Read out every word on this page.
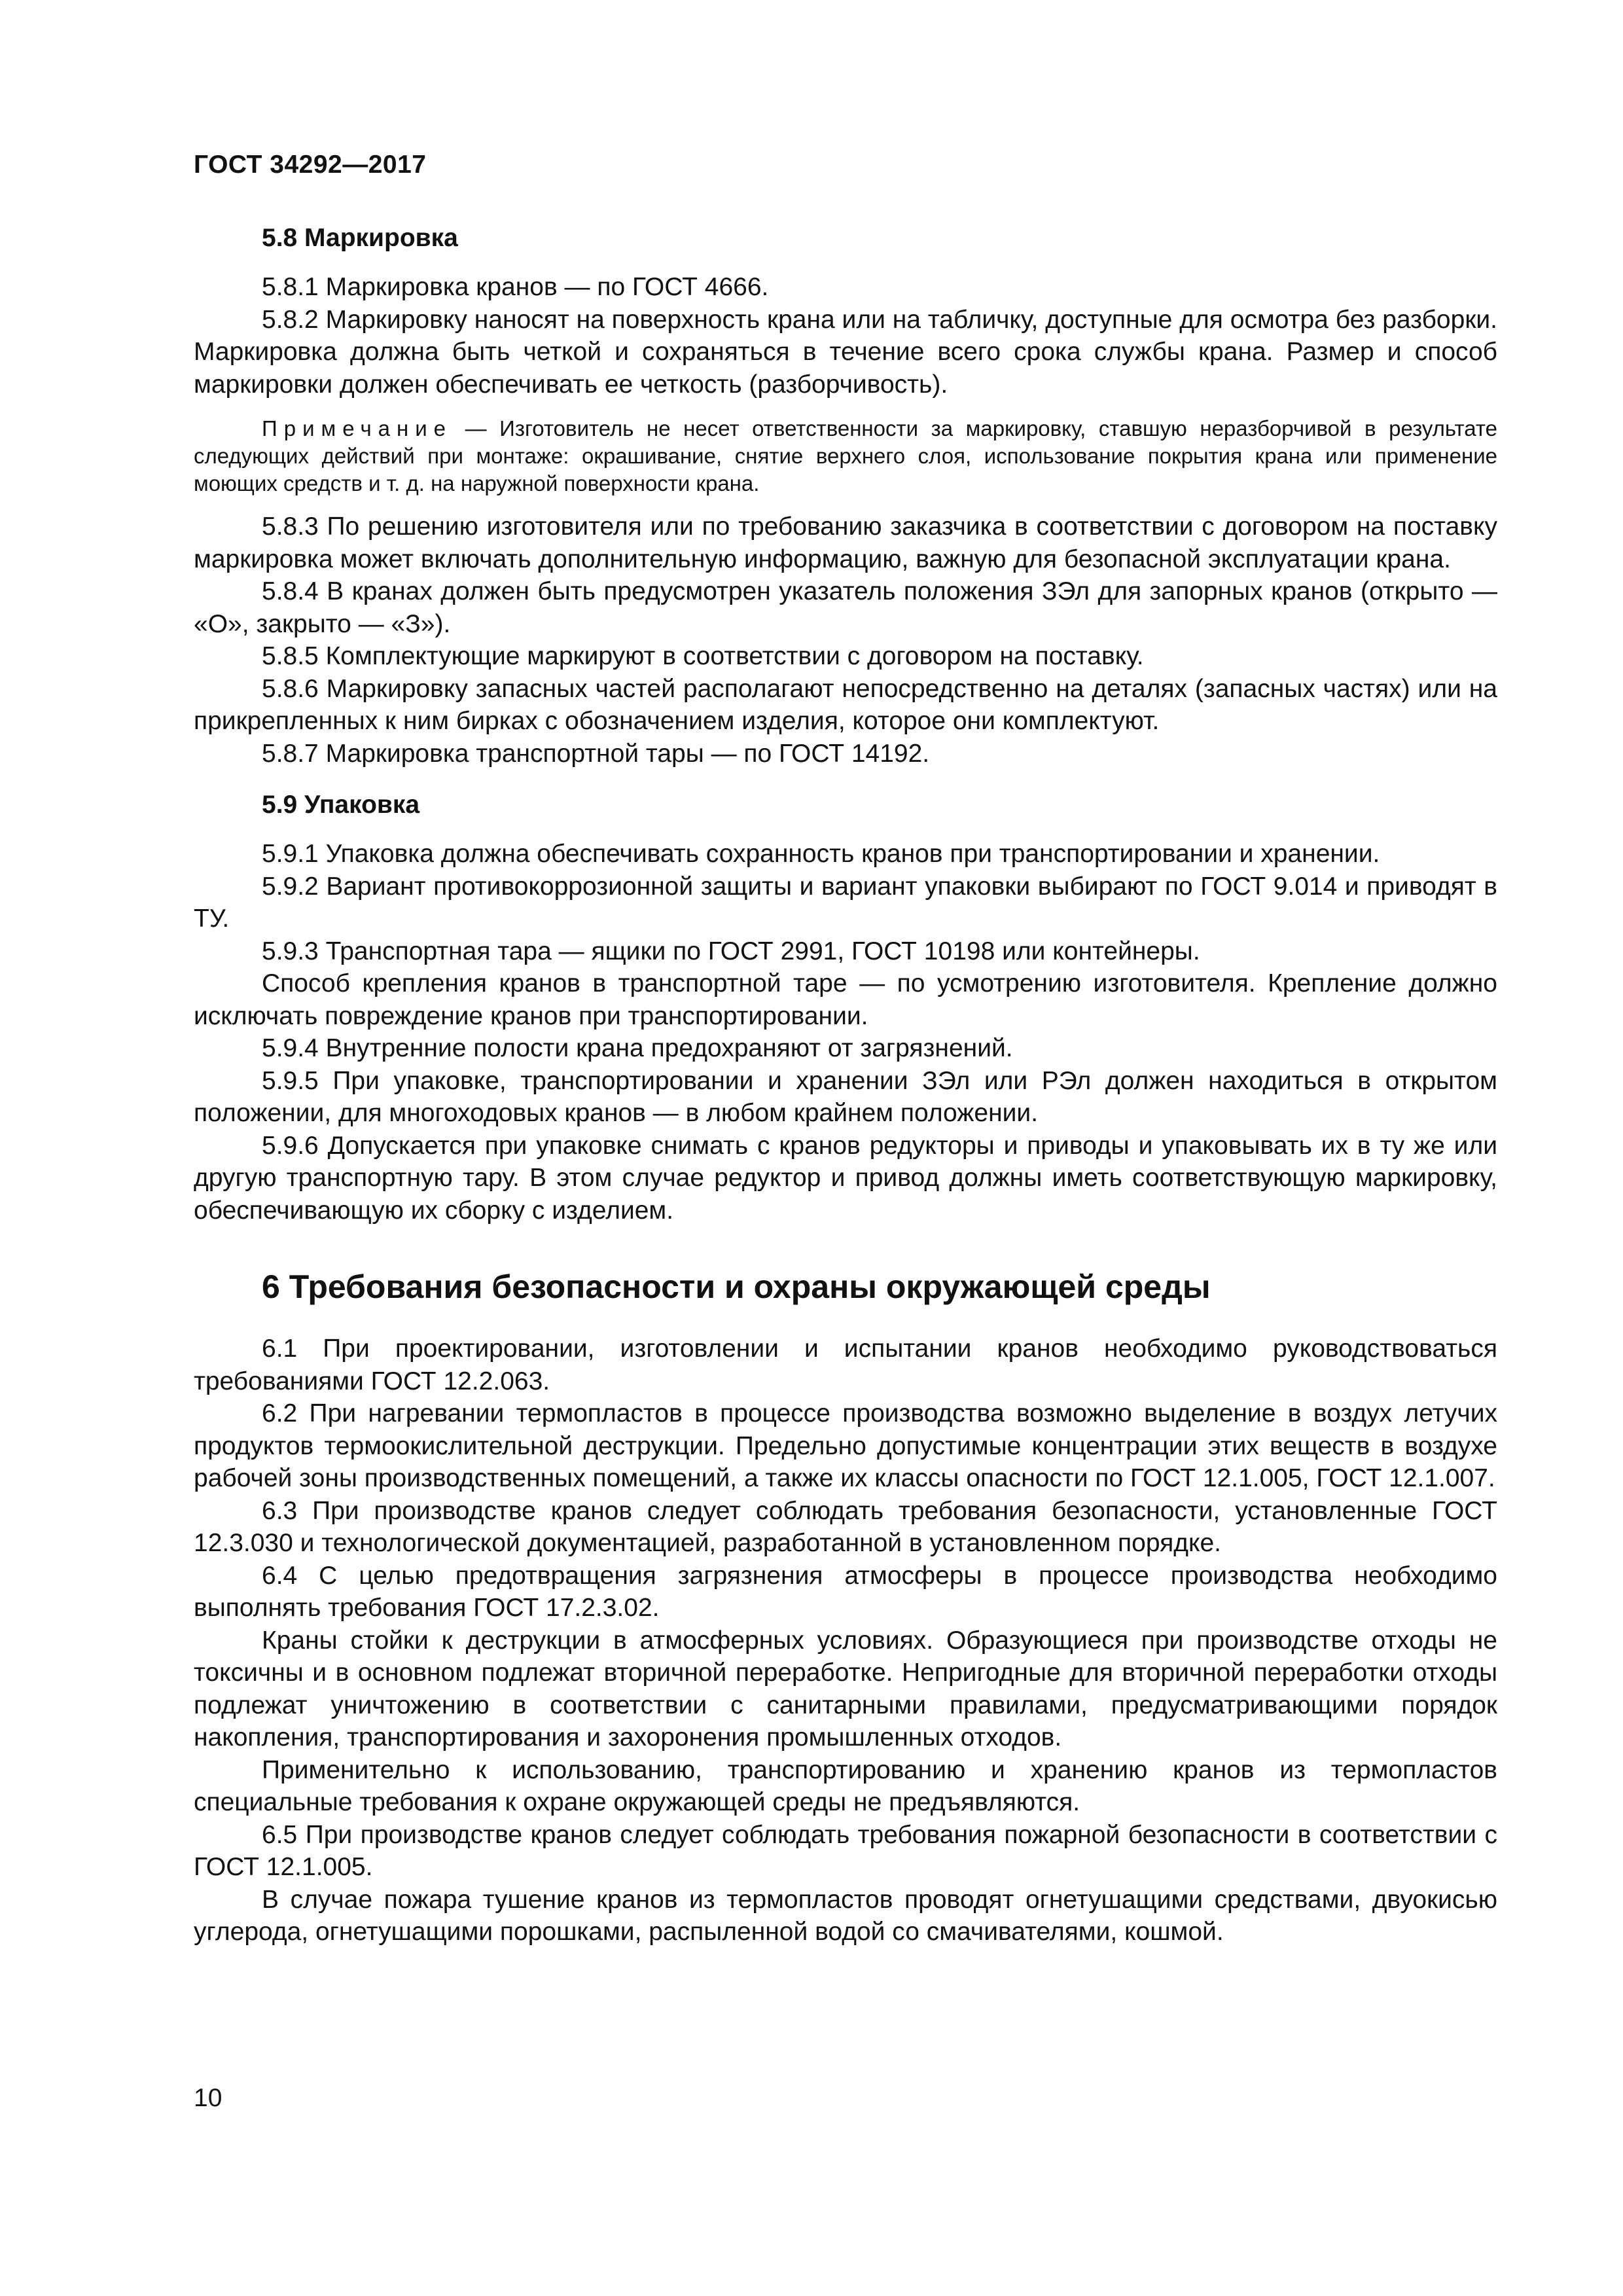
ГОСТ 34292—2017
5.8 Маркировка

5.8.1 Маркировка кранов — по ГОСТ 4666.

5.8.2 Маркировку наносят на поверхность крана или на табличку, доступные для осмотра без разборки. Маркировка должна быть четкой и сохраняться в течение всего срока службы крана. Размер и способ маркировки должен обеспечивать ее четкость (разборчивость).

Примечание — Изготовитель не несет ответственности за маркировку, ставшую неразборчивой в результате следующих действий при монтаже: окрашивание, снятие верхнего слоя, использование покрытия крана или применение моющих средств и т. д. на наружной поверхности крана.

5.8.3 По решению изготовителя или по требованию заказчика в соответствии с договором на поставку маркировка может включать дополнительную информацию, важную для безопасной эксплуатации крана.

5.8.4 В кранах должен быть предусмотрен указатель положения ЗЭл для запорных кранов (открыто — «О», закрыто — «З»).

5.8.5 Комплектующие маркируют в соответствии с договором на поставку.

5.8.6 Маркировку запасных частей располагают непосредственно на деталях (запасных частях) или на прикрепленных к ним бирках с обозначением изделия, которое они комплектуют.

5.8.7 Маркировка транспортной тары — по ГОСТ 14192.

5.9 Упаковка

5.9.1 Упаковка должна обеспечивать сохранность кранов при транспортировании и хранении.

5.9.2 Вариант противокоррозионной защиты и вариант упаковки выбирают по ГОСТ 9.014 и приводят в ТУ.

5.9.3 Транспортная тара — ящики по ГОСТ 2991, ГОСТ 10198 или контейнеры.

Способ крепления кранов в транспортной таре — по усмотрению изготовителя. Крепление должно исключать повреждение кранов при транспортировании.

5.9.4 Внутренние полости крана предохраняют от загрязнений.

5.9.5 При упаковке, транспортировании и хранении ЗЭл или РЭл должен находиться в открытом положении, для многоходовых кранов — в любом крайнем положении.

5.9.6 Допускается при упаковке снимать с кранов редукторы и приводы и упаковывать их в ту же или другую транспортную тару. В этом случае редуктор и привод должны иметь соответствующую маркировку, обеспечивающую их сборку с изделием.

6 Требования безопасности и охраны окружающей среды

6.1 При проектировании, изготовлении и испытании кранов необходимо руководствоваться требованиями ГОСТ 12.2.063.

6.2 При нагревании термопластов в процессе производства возможно выделение в воздух летучих продуктов термоокислительной деструкции. Предельно допустимые концентрации этих веществ в воздухе рабочей зоны производственных помещений, а также их классы опасности по ГОСТ 12.1.005, ГОСТ 12.1.007.

6.3 При производстве кранов следует соблюдать требования безопасности, установленные ГОСТ 12.3.030 и технологической документацией, разработанной в установленном порядке.

6.4 С целью предотвращения загрязнения атмосферы в процессе производства необходимо выполнять требования ГОСТ 17.2.3.02.

Краны стойки к деструкции в атмосферных условиях. Образующиеся при производстве отходы не токсичны и в основном подлежат вторичной переработке. Непригодные для вторичной переработки отходы подлежат уничтожению в соответствии с санитарными правилами, предусматривающими порядок накопления, транспортирования и захоронения промышленных отходов.

Применительно к использованию, транспортированию и хранению кранов из термопластов специальные требования к охране окружающей среды не предъявляются.

6.5 При производстве кранов следует соблюдать требования пожарной безопасности в соответствии с ГОСТ 12.1.005.

В случае пожара тушение кранов из термопластов проводят огнетушащими средствами, двуокисью углерода, огнетушащими порошками, распыленной водой со смачивателями, кошмой.

10
